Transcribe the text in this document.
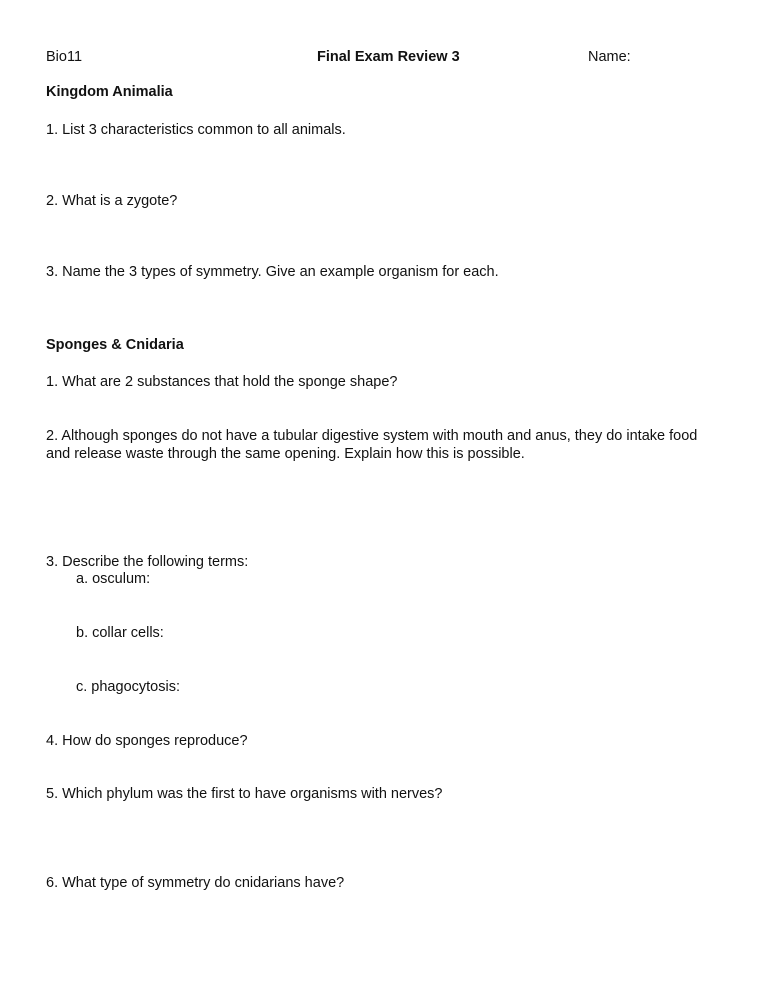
Bio11	Final Exam Review 3	Name:

Kingdom Animalia

1. List 3 characteristics common to all animals.

2. What is a zygote?

3. Name the 3 types of symmetry. Give an example organism for each.

Sponges & Cnidaria

1. What are 2 substances that hold the sponge shape?

2. Although sponges do not have a tubular digestive system with mouth and anus, they do intake food

and release waste through the same opening. Explain how this is possible.

3. Describe the following terms:

a. osculum:

b. collar cells:

c. phagocytosis:

4. How do sponges reproduce?

5. Which phylum was the first to have organisms with nerves?

6. What type of symmetry do cnidarians have?
